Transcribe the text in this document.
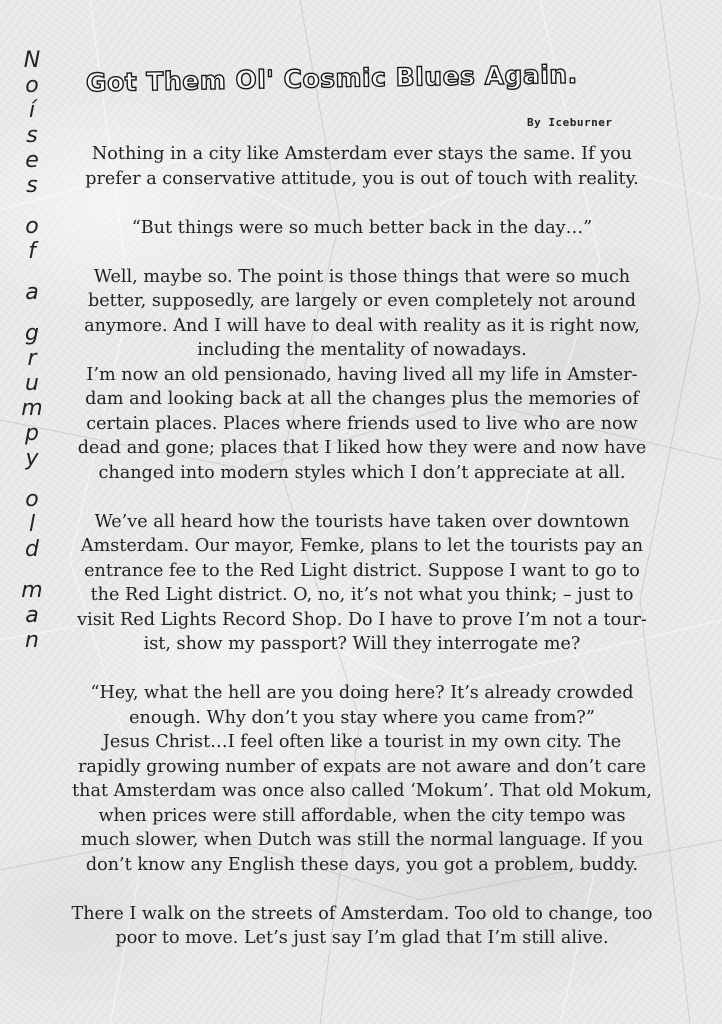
N
o
í
s
e
s
o
f
a
g
r
u
m
p
y
o
l
d
m
a
n
Got Them Ol' Cosmic Blues Again.
By Iceburner

Nothing in a city like Amsterdam ever stays the same. If you
prefer a conservative attitude, you is out of touch with reality.

“But things were so much better back in the day…”

Well, maybe so. The point is those things that were so much
better, supposedly, are largely or even completely not around
anymore. And I will have to deal with reality as it is right now,
including the mentality of nowadays.
I’m now an old pensionado, having lived all my life in Amster-
dam and looking back at all the changes plus the memories of
certain places. Places where friends used to live who are now
dead and gone; places that I liked how they were and now have
changed into modern styles which I don’t appreciate at all.

We’ve all heard how the tourists have taken over downtown
Amsterdam. Our mayor, Femke, plans to let the tourists pay an
entrance fee to the Red Light district. Suppose I want to go to
the Red Light district. O, no, it’s not what you think; – just to
visit Red Lights Record Shop. Do I have to prove I’m not a tour-
ist, show my passport? Will they interrogate me?

“Hey, what the hell are you doing here? It’s already crowded
enough. Why don’t you stay where you came from?”
Jesus Christ…I feel often like a tourist in my own city. The
rapidly growing number of expats are not aware and don’t care
that Amsterdam was once also called ‘Mokum’. That old Mokum,
when prices were still affordable, when the city tempo was
much slower, when Dutch was still the normal language. If you
don’t know any English these days, you got a problem, buddy.

There I walk on the streets of Amsterdam. Too old to change, too
poor to move. Let’s just say I’m glad that I’m still alive.
